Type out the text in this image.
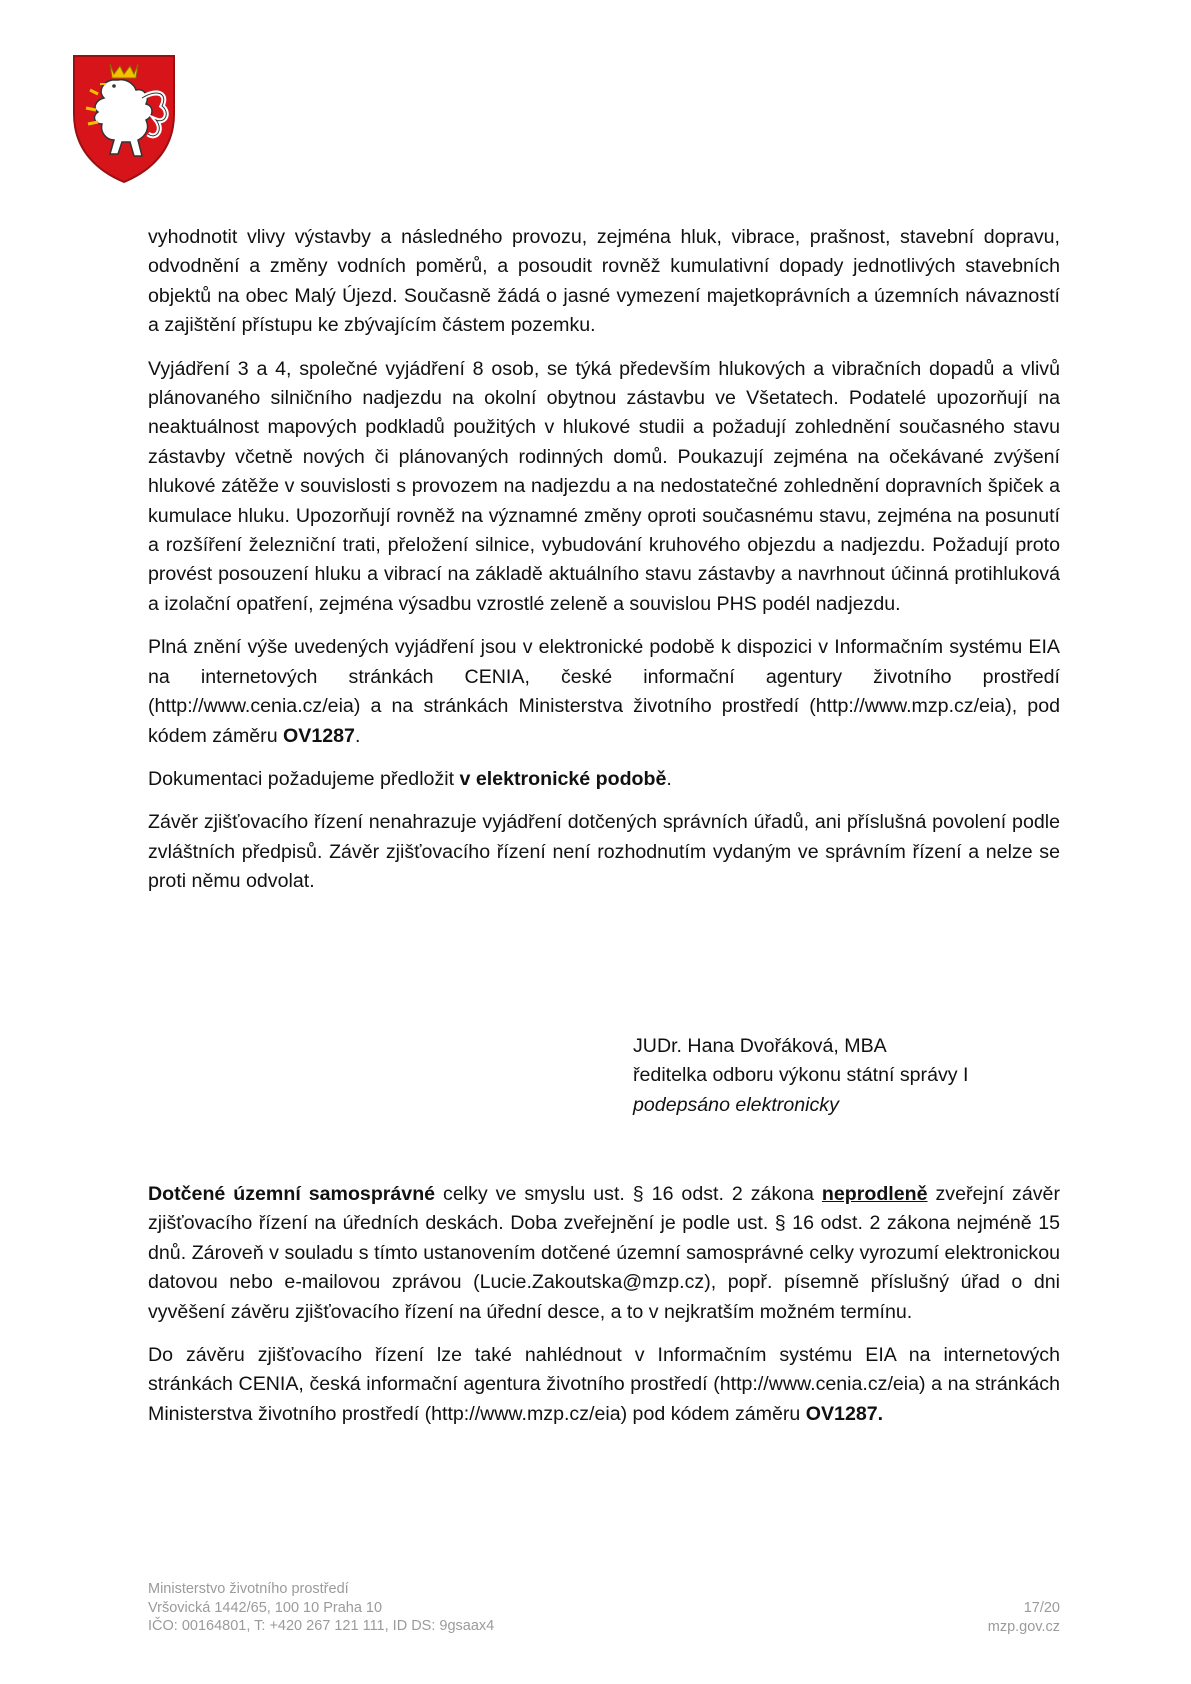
vyhodnotit vlivy výstavby a následného provozu, zejména hluk, vibrace, prašnost, stavební dopravu, odvodnění a změny vodních poměrů, a posoudit rovněž kumulativní dopady jednotlivých stavebních objektů na obec Malý Újezd. Současně žádá o jasné vymezení majetkoprávních a územních návazností a zajištění přístupu ke zbývajícím částem pozemku.

Vyjádření 3 a 4, společné vyjádření 8 osob, se týká především hlukových a vibračních dopadů a vlivů plánovaného silničního nadjezdu na okolní obytnou zástavbu ve Všetatech. Podatelé upozorňují na neaktuálnost mapových podkladů použitých v hlukové studii a požadují zohlednění současného stavu zástavby včetně nových či plánovaných rodinných domů. Poukazují zejména na očekávané zvýšení hlukové zátěže v souvislosti s provozem na nadjezdu a na nedostatečné zohlednění dopravních špiček a kumulace hluku. Upozorňují rovněž na významné změny oproti současnému stavu, zejména na posunutí a rozšíření železniční trati, přeložení silnice, vybudování kruhového objezdu a nadjezdu. Požadují proto provést posouzení hluku a vibrací na základě aktuálního stavu zástavby a navrhnout účinná protihluková a izolační opatření, zejména výsadbu vzrostlé zeleně a souvislou PHS podél nadjezdu.

Plná znění výše uvedených vyjádření jsou v elektronické podobě k dispozici v Informačním systému EIA na internetových stránkách CENIA, české informační agentury životního prostředí (http://www.cenia.cz/eia) a na stránkách Ministerstva životního prostředí (http://www.mzp.cz/eia), pod kódem záměru OV1287.

Dokumentaci požadujeme předložit v elektronické podobě.

Závěr zjišťovacího řízení nenahrazuje vyjádření dotčených správních úřadů, ani příslušná povolení podle zvláštních předpisů. Závěr zjišťovacího řízení není rozhodnutím vydaným ve správním řízení a nelze se proti němu odvolat.

JUDr. Hana Dvořáková, MBA
ředitelka odboru výkonu státní správy I
podepsáno elektronicky

Dotčené územní samosprávné celky ve smyslu ust. § 16 odst. 2 zákona neprodleně zveřejní závěr zjišťovacího řízení na úředních deskách. Doba zveřejnění je podle ust. § 16 odst. 2 zákona nejméně 15 dnů. Zároveň v souladu s tímto ustanovením dotčené územní samosprávné celky vyrozumí elektronickou datovou nebo e-mailovou zprávou (Lucie.Zakoutska@mzp.cz), popř. písemně příslušný úřad o dni vyvěšení závěru zjišťovacího řízení na úřední desce, a to v nejkratším možném termínu.

Do závěru zjišťovacího řízení lze také nahlédnout v Informačním systému EIA na internetových stránkách CENIA, česká informační agentura životního prostředí (http://www.cenia.cz/eia) a na stránkách Ministerstva životního prostředí (http://www.mzp.cz/eia) pod kódem záměru OV1287.

Ministerstvo životního prostředí
Vršovická 1442/65, 100 10 Praha 10
IČO: 00164801, T: +420 267 121 111, ID DS: 9gsaax4
17/20
mzp.gov.cz
